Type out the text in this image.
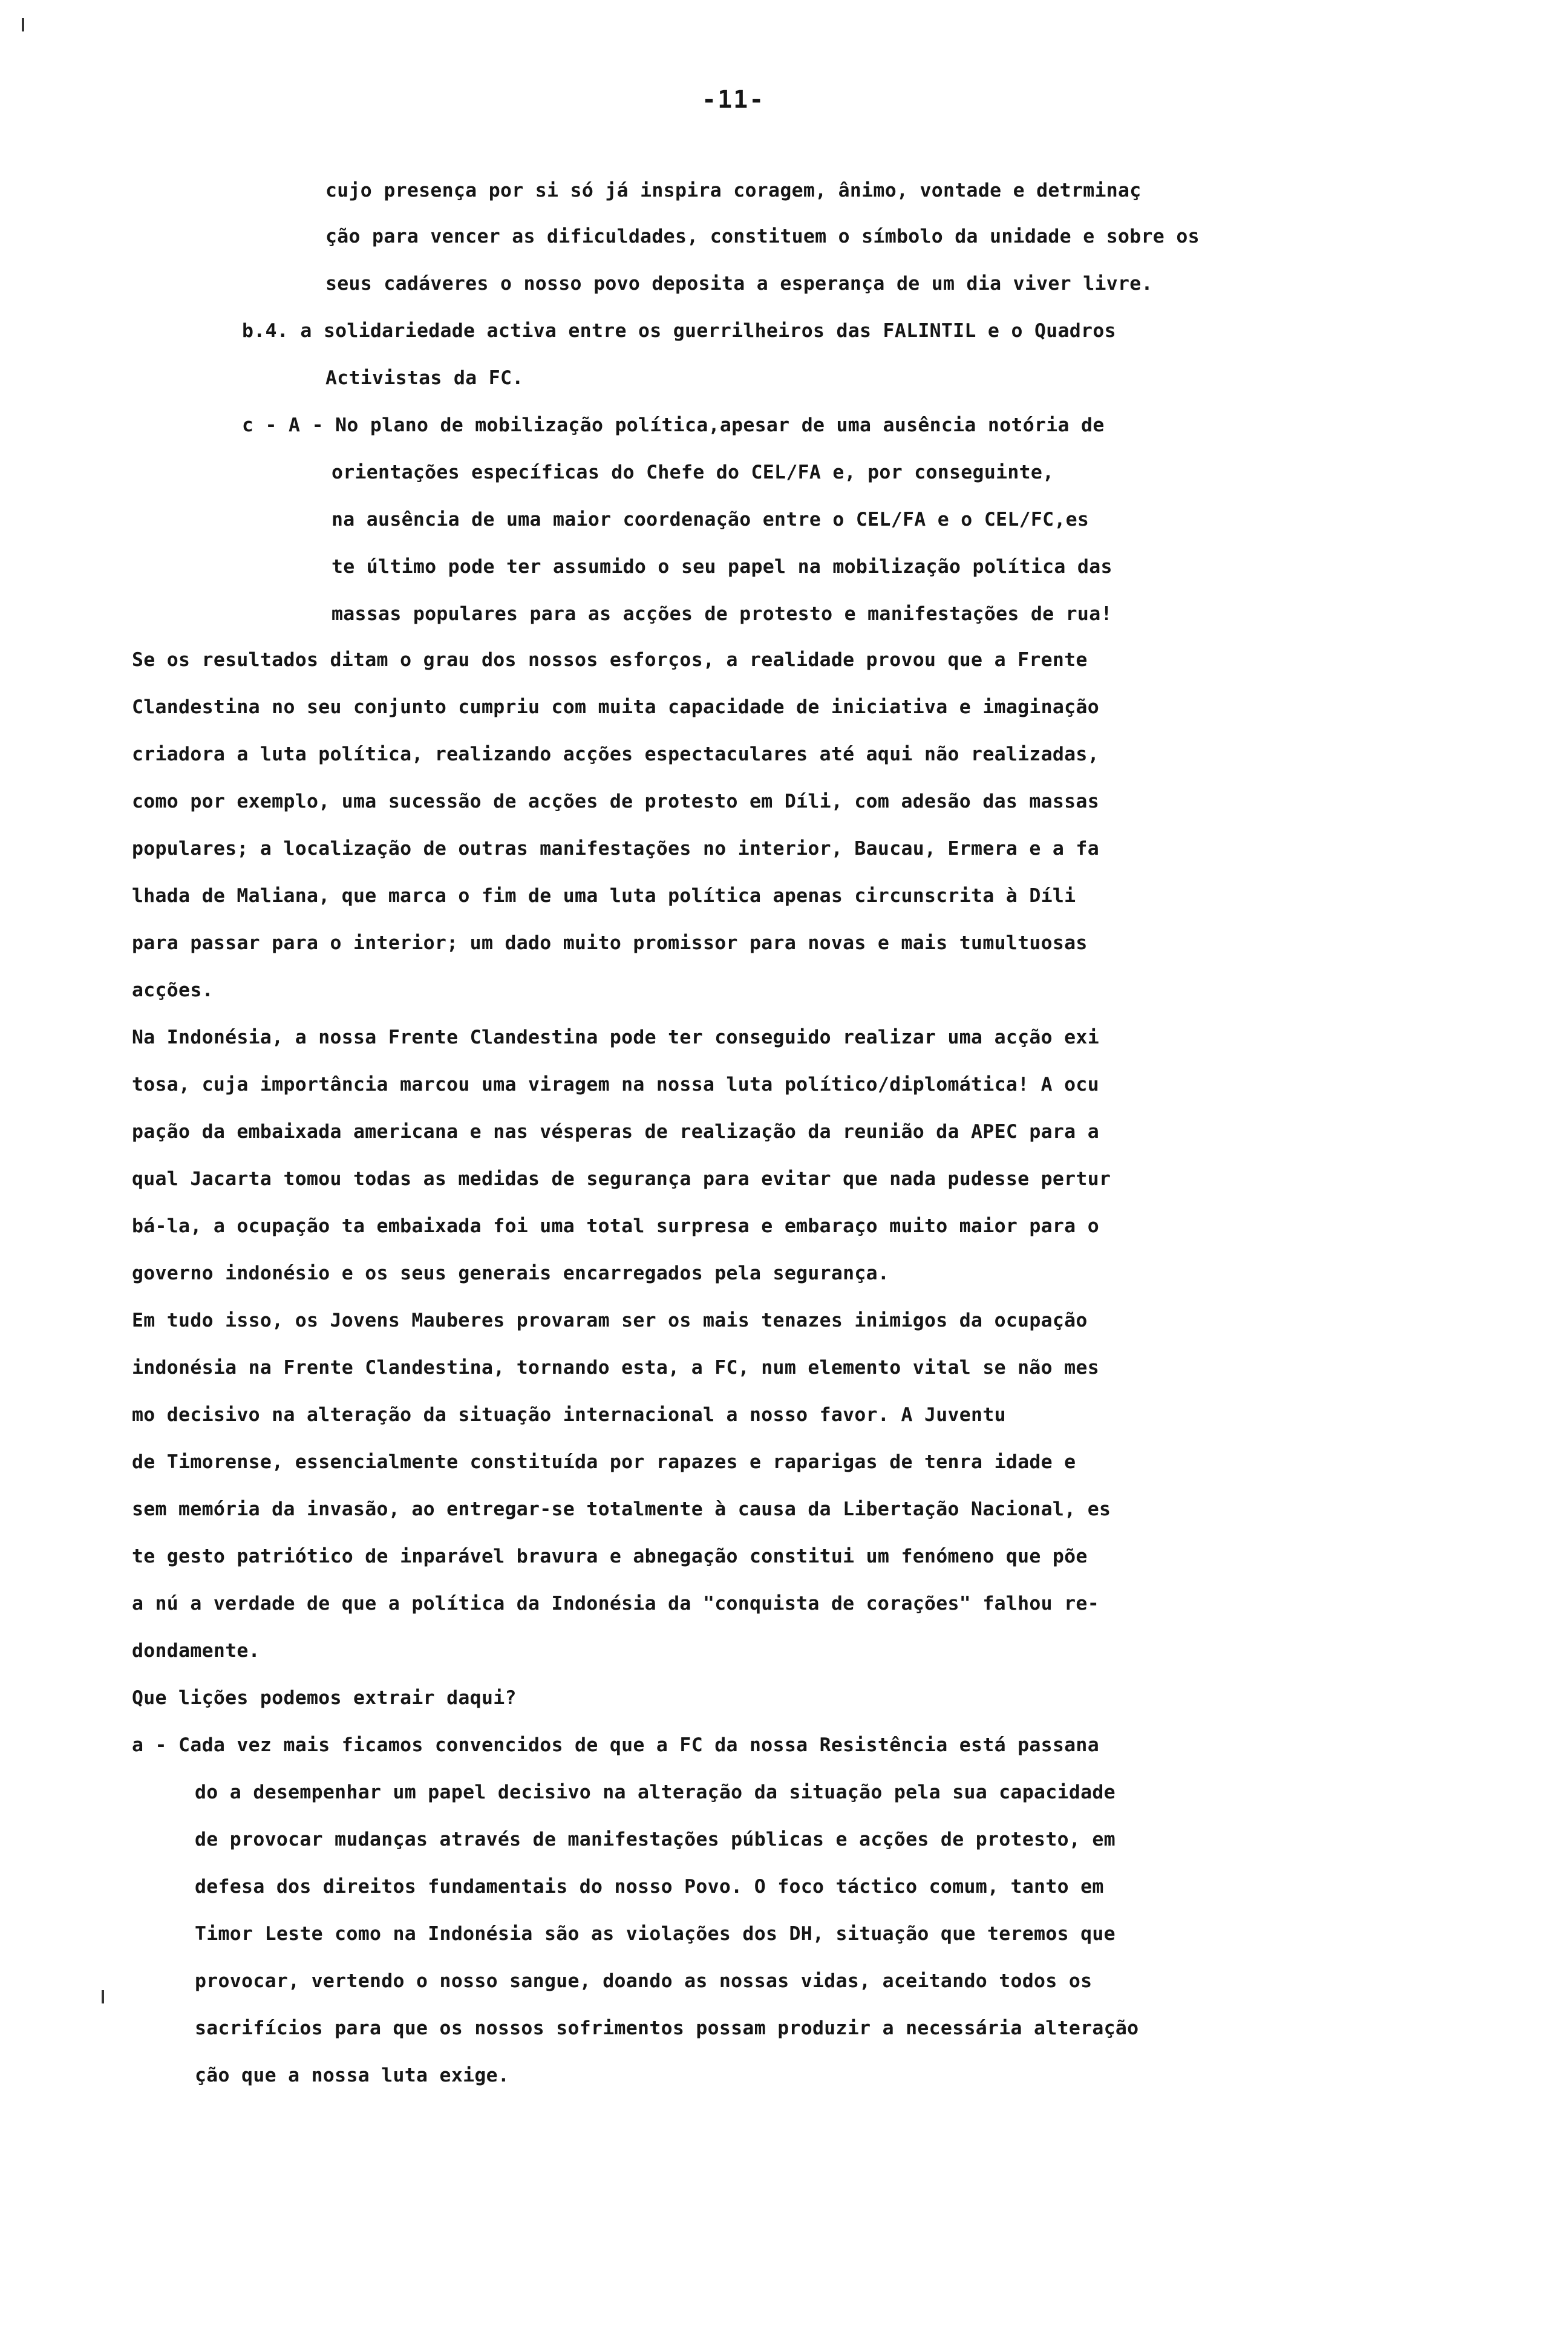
-11-
cujo presença por si só já inspira coragem, ânimo, vontade e detrminaç
ção para vencer as dificuldades, constituem o símbolo da unidade e sobre os
seus cadáveres o nosso povo deposita a esperança de um dia viver livre.
b.4. a solidariedade activa entre os guerrilheiros das FALINTIL e o Quadros
Activistas da FC.
c - A - No plano de mobilização política,apesar de uma ausência notória de
orientações específicas do Chefe do CEL/FA e, por conseguinte,
na ausência de uma maior coordenação entre o CEL/FA e o CEL/FC,es
te último pode ter assumido o seu papel na mobilização política das
massas populares para as acções de protesto e manifestações de rua!
Se os resultados ditam o grau dos nossos esforços, a realidade provou que a Frente
Clandestina no seu conjunto cumpriu com muita capacidade de iniciativa e imaginação
criadora a luta política, realizando acções espectaculares até aqui não realizadas,
como por exemplo, uma sucessão de acções de protesto em Díli, com adesão das massas
populares; a localização de outras manifestações no interior, Baucau, Ermera e a fa
lhada de Maliana, que marca o fim de uma luta política apenas circunscrita à Díli
para passar para o interior; um dado muito promissor para novas e mais tumultuosas
acções.
Na Indonésia, a nossa Frente Clandestina pode ter conseguido realizar uma acção exi
tosa, cuja importância marcou uma viragem na nossa luta político/diplomática! A ocu
pação da embaixada americana e nas vésperas de realização da reunião da APEC para a
qual Jacarta tomou todas as medidas de segurança para evitar que nada pudesse pertur
bá-la, a ocupação ta embaixada foi uma total surpresa e embaraço muito maior para o
governo indonésio e os seus generais encarregados pela segurança.
Em tudo isso, os Jovens Mauberes provaram ser os mais tenazes inimigos da ocupação
indonésia na Frente Clandestina, tornando esta, a FC, num elemento vital se não mes
mo decisivo na alteração da situação internacional a nosso favor. A Juventu
de Timorense, essencialmente constituída por rapazes e raparigas de tenra idade e
sem memória da invasão, ao entregar-se totalmente à causa da Libertação Nacional, es
te gesto patriótico de inparável bravura e abnegação constitui um fenómeno que põe
a nú a verdade de que a política da Indonésia da "conquista de corações" falhou re-
dondamente.
Que lições podemos extrair daqui?
a - Cada vez mais ficamos convencidos de que a FC da nossa Resistência está passana
do a desempenhar um papel decisivo na alteração da situação pela sua capacidade
de provocar mudanças através de manifestações públicas e acções de protesto, em
defesa dos direitos fundamentais do nosso Povo. O foco táctico comum, tanto em
Timor Leste como na Indonésia são as violações dos DH, situação que teremos que
provocar, vertendo o nosso sangue, doando as nossas vidas, aceitando todos os
sacrifícios para que os nossos sofrimentos possam produzir a necessária alteração
ção que a nossa luta exige.
